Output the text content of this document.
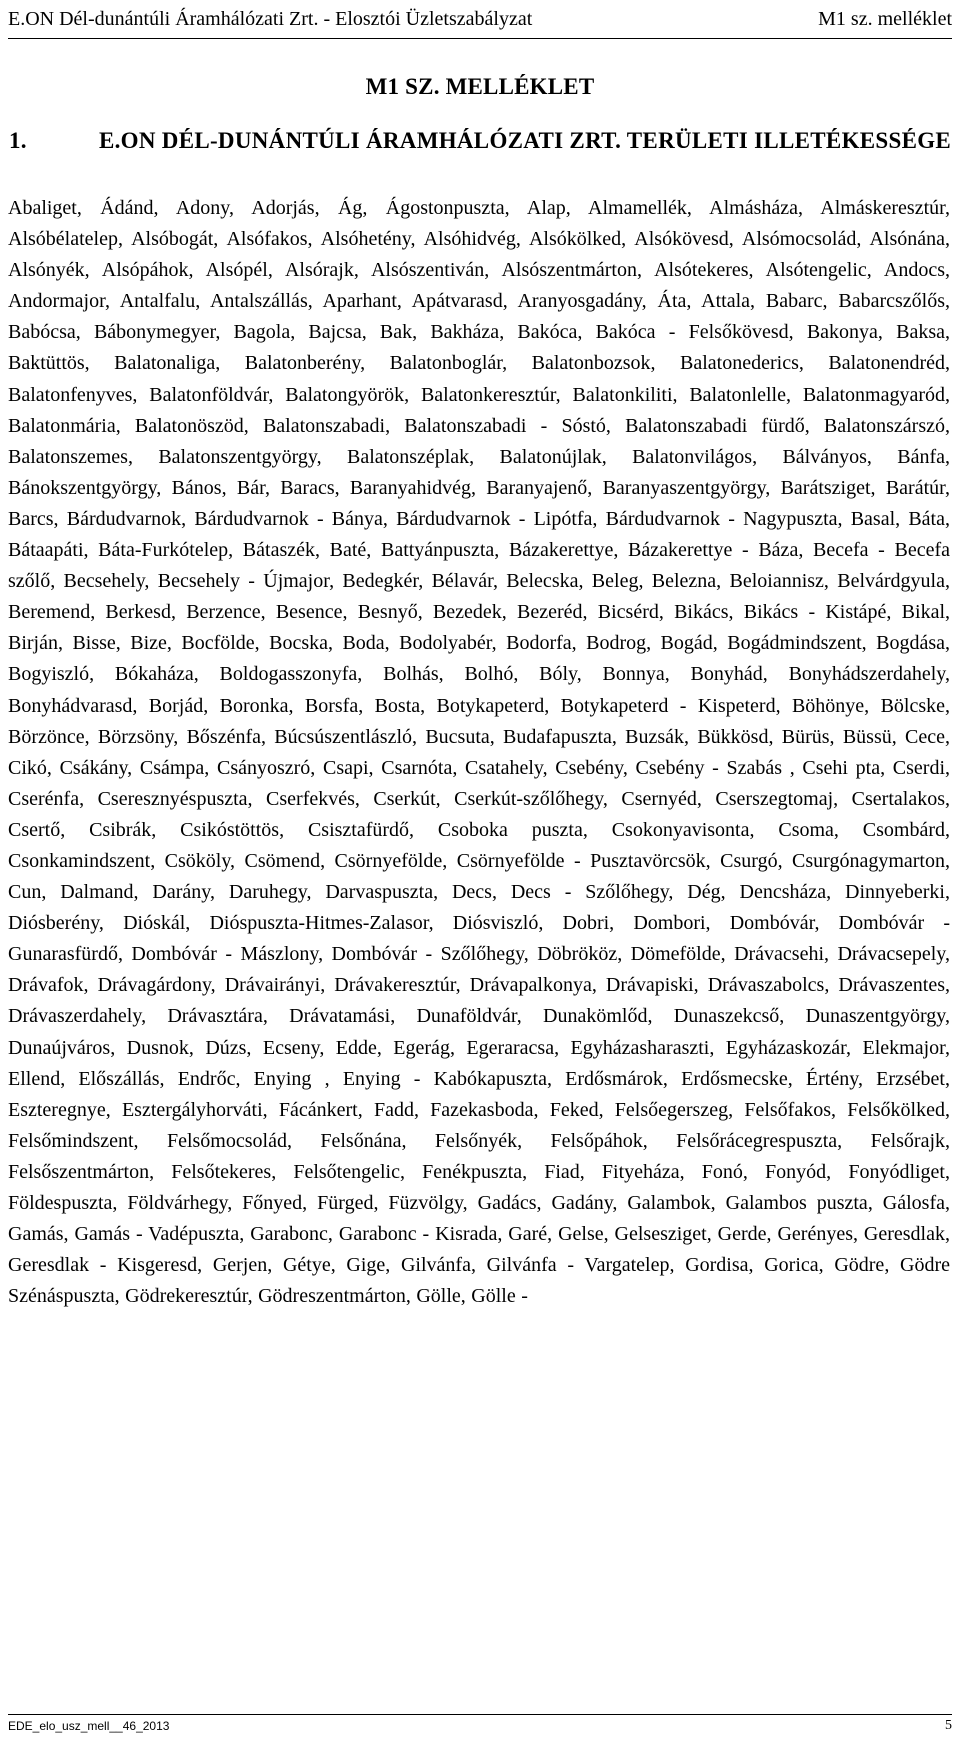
E.ON Dél-dunántúli Áramhálózati Zrt. - Elosztói Üzletszabályzat	M1 sz. melléklet
M1 SZ. MELLÉKLET
1.	E.ON DÉL-DUNÁNTÚLI ÁRAMHÁLÓZATI ZRT. TERÜLETI ILLETÉKESSÉGE
Abaliget, Ádánd, Adony, Adorjás, Ág, Ágostonpuszta, Alap, Almamellék, Almásháza, Almáskeresztúr, Alsóbélatelep, Alsóbogát, Alsófakos, Alsóhetény, Alsóhidvég, Alsókölked, Alsókövesd, Alsómocsolád, Alsónána, Alsónyék, Alsópáhok, Alsópél, Alsórajk, Alsószentiván, Alsószentmárton, Alsótekeres, Alsótengelic, Andocs, Andormajor, Antalfalu, Antalszállás, Aparhant, Apátvarasd, Aranyosgadány, Áta, Attala, Babarc, Babarcszőlős, Babócsa, Bábonymegyer, Bagola, Bajcsa, Bak, Bakháza, Bakóca, Bakóca - Felsőkövesd, Bakonya, Baksa, Baktüttös, Balatonaliga, Balatonberény, Balatonboglár, Balatonbozsok, Balatonederics, Balatonendréd, Balatonfenyves, Balatonföldvár, Balatongyörök, Balatonkeresztúr, Balatonkiliti, Balatonlelle, Balatonmagyaród, Balatonmária, Balatonöszöd, Balatonszabadi, Balatonszabadi - Sóstó, Balatonszabadi fürdő, Balatonszárszó, Balatonszemes, Balatonszentgyörgy, Balatonszéplak, Balatonújlak, Balatonvilágos, Bálványos, Bánfa, Bánokszentgyörgy, Bános, Bár, Baracs, Baranyahidvég, Baranyajenő, Baranyaszentgyörgy, Barátsziget, Barátúr, Barcs, Bárdudvarnok, Bárdudvarnok - Bánya, Bárdudvarnok - Lipótfa, Bárdudvarnok - Nagypuszta, Basal, Báta, Bátaapáti, Báta-Furkótelep, Bátaszék, Baté, Battyánpuszta, Bázakerettye, Bázakerettye - Báza, Becefa - Becefa szőlő, Becsehely, Becsehely - Újmajor, Bedegkér, Bélavár, Belecska, Beleg, Belezna, Beloiannisz, Belvárdgyula, Beremend, Berkesd, Berzence, Besence, Besnyő, Bezedek, Bezeréd, Bicsérd, Bikács, Bikács - Kistápé, Bikal, Birján, Bisse, Bize, Bocfölde, Bocska, Boda, Bodolyabér, Bodorfa, Bodrog, Bogád, Bogádmindszent, Bogdása, Bogyiszló, Bókaháza, Boldogasszonyfa, Bolhás, Bolhó, Bóly, Bonnya, Bonyhád, Bonyhádszerdahely, Bonyhádvarasd, Borjád, Boronka, Borsfa, Bosta, Botykapeterd, Botykapeterd - Kispeterd, Böhönye, Bölcske, Börzönce, Börzsöny, Bőszénfa, Búcsúszentlászló, Bucsuta, Budafapuszta, Buzsák, Bükkösd, Bürüs, Büssü, Cece, Cikó, Csákány, Csámpa, Csányoszró, Csapi, Csarnóta, Csatahely, Csebény, Csebény - Szabás , Csehi pta, Cserdi, Cserénfa, Cseresznyéspuszta, Cserfekvés, Cserkút, Cserkút-szőlőhegy, Csernyéd, Cserszegtomaj, Csertalakos, Csertő, Csibrák, Csikóstöttös, Csisztafürdő, Csoboka puszta, Csokonyavisonta, Csoma, Csombárd, Csonkamindszent, Csököly, Csömend, Csörnyefölde, Csörnyefölde - Pusztavörcsök, Csurgó, Csurgónagymarton, Cun, Dalmand, Darány, Daruhegy, Darvaspuszta, Decs, Decs - Szőlőhegy, Dég, Dencsháza, Dinnyeberki, Diósberény, Dióskál, Dióspuszta-Hitmes-Zalasor, Diósviszló, Dobri, Dombori, Dombóvár, Dombóvár - Gunarasfürdő, Dombóvár - Mászlony, Dombóvár - Szőlőhegy, Döbrököz, Dömefölde, Drávacsehi, Drávacsepely, Drávafok, Drávagárdony, Drávairányi, Drávakeresztúr, Drávapalkonya, Drávapiski, Drávaszabolcs, Drávaszentes, Drávaszerdahely, Drávasztára, Drávatamási, Dunaföldvár, Dunakömlőd, Dunaszekcső, Dunaszentgyörgy, Dunaújváros, Dusnok, Dúzs, Ecseny, Edde, Egerág, Egeraracsa, Egyházasharaszti, Egyházaskozár, Elekmajor, Ellend, Előszállás, Endrőc, Enying , Enying - Kabókapuszta, Erdősmárok, Erdősmecske, Értény, Erzsébet, Eszteregnye, Esztergályhorváti, Fácánkert, Fadd, Fazekasboda, Feked, Felsőegerszeg, Felsőfakos, Felsőkölked, Felsőmindszent, Felsőmocsolád, Felsőnána, Felsőnyék, Felsőpáhok, Felsőrácegrespuszta, Felsőrajk, Felsőszentmárton, Felsőtekeres, Felsőtengelic, Fenékpuszta, Fiad, Fityeháza, Fonó, Fonyód, Fonyódliget, Földespuszta, Földvárhegy, Főnyed, Fürged, Füzvölgy, Gadács, Gadány, Galambok, Galambos puszta, Gálosfa, Gamás, Gamás - Vadépuszta, Garabonc, Garabonc - Kisrada, Garé, Gelse, Gelsesziget, Gerde, Gerényes, Geresdlak, Geresdlak - Kisgeresd, Gerjen, Gétye, Gige, Gilvánfa, Gilvánfa - Vargatelep, Gordisa, Gorica, Gödre, Gödre Szénáspuszta, Gödrekeresztúr, Gödreszentmárton, Gölle, Gölle -
EDE_elo_usz_mell__46_2013	5
